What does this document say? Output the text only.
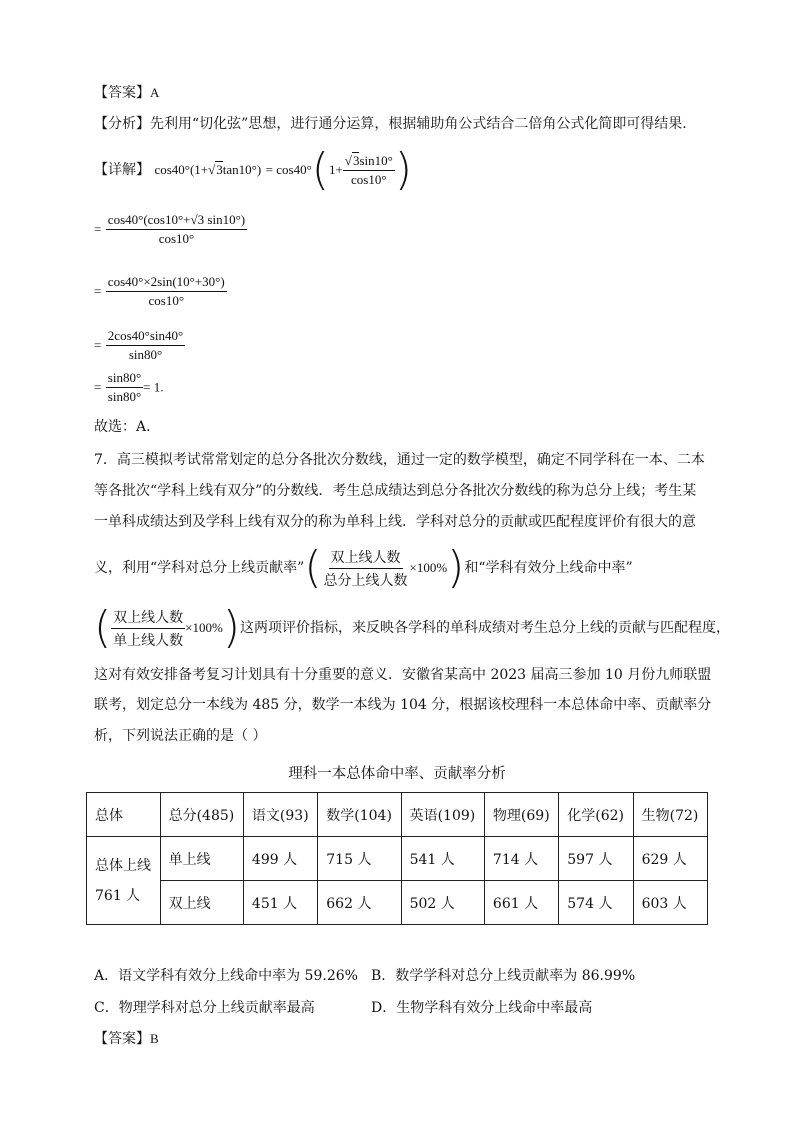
【答案】A
【分析】先利用“切化弦”思想，进行通分运算，根据辅助角公式结合二倍角公式化简即可得结果.
【详解】 $\cos 40^\circ(1+√3\tan 10^\circ) = \cos 40^\circ(1+ \frac{√3\sin 10^\circ}{\cos 10^\circ}$ )
= $\frac{\cos 40^\circ(\cos 10^\circ+√3 \sin 10^\circ)}{\cos 10^\circ}$
= $\frac{\cos 40^\circ\times 2\sin(10^\circ+30^\circ)}{\cos 10^\circ}$
= $\frac{2\cos 40^\circ\sin 40^\circ}{\sin 80^\circ}$
= $\frac{\sin 80^\circ}{\sin 80^\circ} = 1$.
故选：A.
7．高三模拟考试常常划定的总分各批次分数线，通过一定的数学模型，确定不同学科在一本、二本
等各批次“学科上线有双分”的分数线．考生总成绩达到总分各批次分数线的称为总分上线；考生某
一单科成绩达到及学科上线有双分的称为单科上线．学科对总分的贡献或匹配程度评价有很大的意
义，利用“学科对总分上线贡献率”( $\frac{\text{双上线人数}}{\text{总分上线人数}} \times 100\%$)和“学科有效分上线命中率”
( $\frac{\text{双上线人数}}{\text{单上线人数}} \times 100\%$)这两项评价指标，来反映各学科的单科成绩对考生总分上线的贡献与匹配程度，
这对有效安排备考复习计划具有十分重要的意义．安徽省某高中 2023 届高三参加 10 月份九师联盟
联考，划定总分一本线为 485 分，数学一本线为 104 分，根据该校理科一本总体命中率、贡献率分
析，下列说法正确的是（ ）
理科一本总体命中率、贡献率分析
总体	总分(485)	语文(93)	数学(104)	英语(109)	物理(69)	化学(62)	生物(72)

总体上线
761 人	单上线	499 人	715 人	541 人	714 人	597 人	629 人
	双上线	451 人	662 人	502 人	661 人	574 人	603 人
A．语文学科有效分上线命中率为 59.26% B．数学学科对总分上线贡献率为 86.99%
C．物理学科对总分上线贡献率最高	D．生物学科有效分上线命中率最高
【答案】B
